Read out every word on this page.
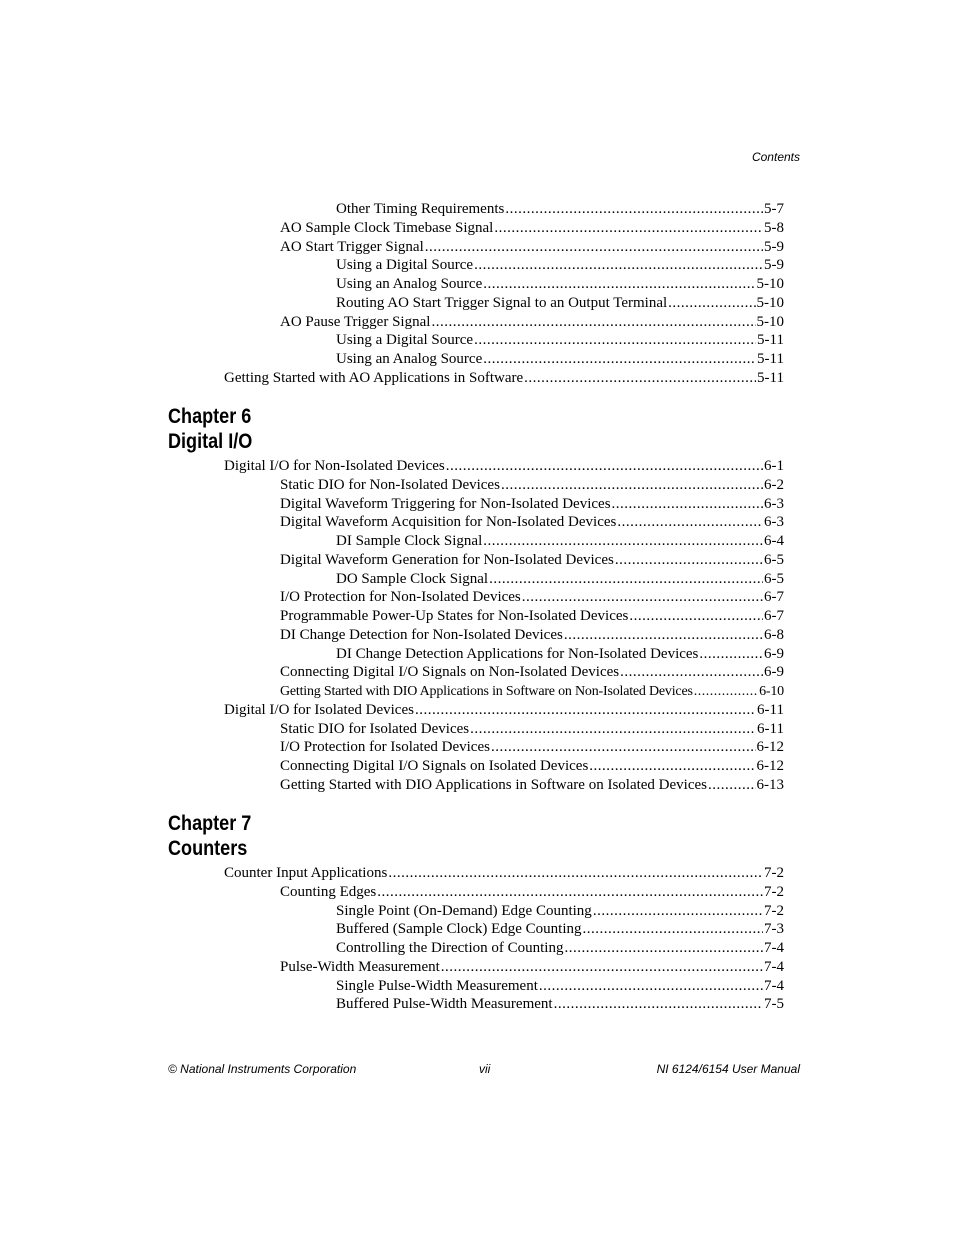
Contents
Other Timing Requirements .....	5-7
AO Sample Clock Timebase Signal .....	5-8
AO Start Trigger Signal .....	5-9
Using a Digital Source .....	5-9
Using an Analog Source .....	5-10
Routing AO Start Trigger Signal to an Output Terminal .....	5-10
AO Pause Trigger Signal .....	5-10
Using a Digital Source .....	5-11
Using an Analog Source .....	5-11
Getting Started with AO Applications in Software .....	5-11
Digital I/O for Non-Isolated Devices .....	6-1
Static DIO for Non-Isolated Devices .....	6-2
Digital Waveform Triggering for Non-Isolated Devices .....	6-3
Digital Waveform Acquisition for Non-Isolated Devices .....	6-3
DI Sample Clock Signal .....	6-4
Digital Waveform Generation for Non-Isolated Devices .....	6-5
DO Sample Clock Signal .....	6-5
I/O Protection for Non-Isolated Devices .....	6-7
Programmable Power-Up States for Non-Isolated Devices .....	6-7
DI Change Detection for Non-Isolated Devices .....	6-8
DI Change Detection Applications for Non-Isolated Devices .....	6-9
Connecting Digital I/O Signals on Non-Isolated Devices .....	6-9
Getting Started with DIO Applications in Software on Non-Isolated Devices .....	6-10
Digital I/O for Isolated Devices .....	6-11
Static DIO for Isolated Devices .....	6-11
I/O Protection for Isolated Devices .....	6-12
Connecting Digital I/O Signals on Isolated Devices .....	6-12
Getting Started with DIO Applications in Software on Isolated Devices .....	6-13
Counter Input Applications .....	7-2
Counting Edges .....	7-2
Single Point (On-Demand) Edge Counting .....	7-2
Buffered (Sample Clock) Edge Counting .....	7-3
Controlling the Direction of Counting .....	7-4
Pulse-Width Measurement .....	7-4
Single Pulse-Width Measurement .....	7-4
Buffered Pulse-Width Measurement .....	7-5
Chapter 6
Digital I/O
Chapter 7
Counters
© National Instruments Corporation	vii	NI 6124/6154 User Manual
